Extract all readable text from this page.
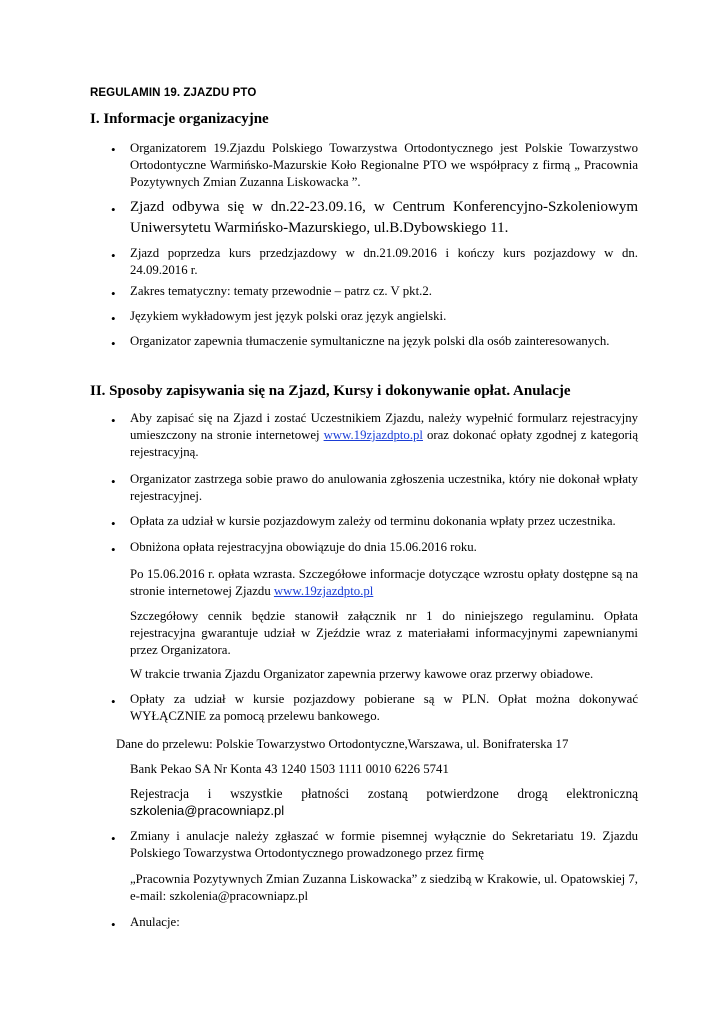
REGULAMIN 19. ZJAZDU PTO
I. Informacje organizacyjne
• Organizatorem 19.Zjazdu Polskiego Towarzystwa Ortodontycznego jest Polskie Towarzystwo Ortodontyczne Warmińsko-Mazurskie Koło Regionalne PTO we współpracy z firmą „ Pracownia Pozytywnych Zmian Zuzanna Liskowacka ”.
• Zjazd odbywa się w dn.22-23.09.16, w Centrum Konferencyjno-Szkoleniowym Uniwersytetu Warmińsko-Mazurskiego, ul.B.Dybowskiego 11.
• Zjazd poprzedza kurs przedzjazdowy w dn.21.09.2016 i kończy kurs pozjazdowy w dn. 24.09.2016 r.
• Zakres tematyczny: tematy przewodnie – patrz cz. V pkt.2.
• Językiem wykładowym jest język polski oraz język angielski.
• Organizator zapewnia tłumaczenie symultaniczne na język polski dla osób zainteresowanych.
II. Sposoby zapisywania się na Zjazd, Kursy i dokonywanie opłat. Anulacje
• Aby zapisać się na Zjazd i zostać Uczestnikiem Zjazdu, należy wypełnić formularz rejestracyjny umieszczony na stronie internetowej www.19zjazdpto.pl oraz dokonać opłaty zgodnej z kategorią rejestracyjną.
• Organizator zastrzega sobie prawo do anulowania zgłoszenia uczestnika, który nie dokonał wpłaty rejestracyjnej.
• Opłata za udział w kursie pozjazdowym zależy od terminu dokonania wpłaty przez uczestnika.
• Obniżona opłata rejestracyjna obowiązuje do dnia 15.06.2016 roku.
Po 15.06.2016 r. opłata wzrasta. Szczegółowe informacje dotyczące wzrostu opłaty dostępne są na stronie internetowej Zjazdu www.19zjazdpto.pl
Szczegółowy cennik będzie stanowił załącznik nr 1 do niniejszego regulaminu. Opłata rejestracyjna gwarantuje udział w Zjeździe wraz z materiałami informacyjnymi zapewnianymi przez Organizatora.
W trakcie trwania Zjazdu Organizator zapewnia przerwy kawowe oraz przerwy obiadowe.
• Opłaty za udział w kursie pozjazdowy pobierane są w PLN. Opłat można dokonywać WYŁĄCZNIE za pomocą przelewu bankowego.
Dane do przelewu: Polskie Towarzystwo Ortodontyczne,Warszawa, ul. Bonifraterska 17
Bank Pekao SA Nr Konta 43 1240 1503 1111 0010 6226 5741
Rejestracja i wszystkie płatności zostaną potwierdzone drogą elektroniczną
szkolenia@pracowniapz.pl
• Zmiany i anulacje należy zgłaszać w formie pisemnej wyłącznie do Sekretariatu 19. Zjazdu Polskiego Towarzystwa Ortodontycznego prowadzonego przez firmę
„Pracownia Pozytywnych Zmian Zuzanna Liskowacka” z siedzibą w Krakowie, ul. Opatowskiej 7, e-mail: szkolenia@pracowniapz.pl
• Anulacje:
